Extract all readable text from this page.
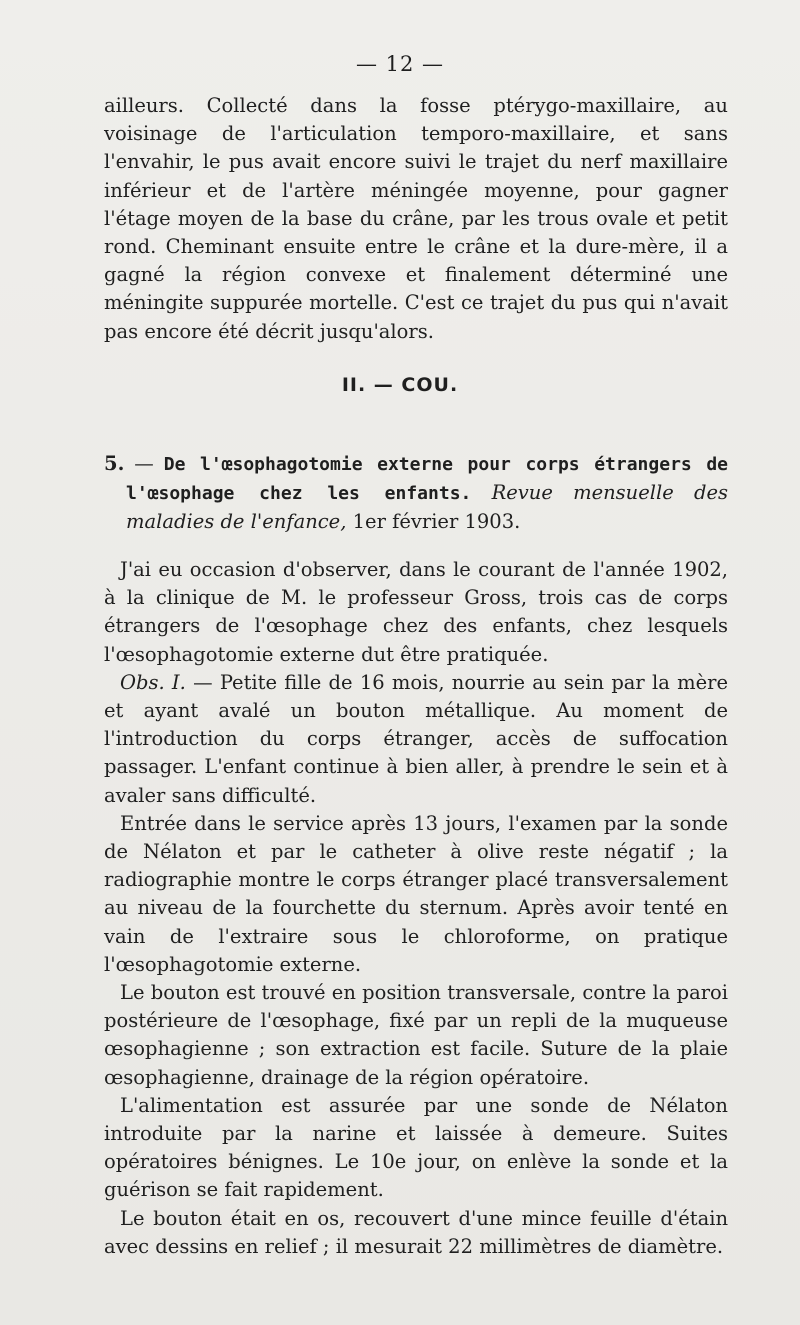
— 12 —

ailleurs. Collecté dans la fosse ptérygo-maxillaire, au voisinage de l'articulation temporo-maxillaire, et sans l'envahir, le pus avait encore suivi le trajet du nerf maxillaire inférieur et de l'artère méningée moyenne, pour gagner l'étage moyen de la base du crâne, par les trous ovale et petit rond. Cheminant ensuite entre le crâne et la dure-mère, il a gagné la région convexe et finalement déterminé une méningite suppurée mortelle. C'est ce trajet du pus qui n'avait pas encore été décrit jusqu'alors.

II. — COU.

5. — De l'œsophagotomie externe pour corps étrangers de l'œsophage chez les enfants. Revue mensuelle des maladies de l'enfance, 1er février 1903.

J'ai eu occasion d'observer, dans le courant de l'année 1902, à la clinique de M. le professeur Gross, trois cas de corps étrangers de l'œsophage chez des enfants, chez lesquels l'œsophagotomie externe dut être pratiquée.

Obs. I. — Petite fille de 16 mois, nourrie au sein par la mère et ayant avalé un bouton métallique. Au moment de l'introduction du corps étranger, accès de suffocation passager. L'enfant continue à bien aller, à prendre le sein et à avaler sans difficulté.

Entrée dans le service après 13 jours, l'examen par la sonde de Nélaton et par le catheter à olive reste négatif ; la radiographie montre le corps étranger placé transversalement au niveau de la fourchette du sternum. Après avoir tenté en vain de l'extraire sous le chloroforme, on pratique l'œsophagotomie externe.

Le bouton est trouvé en position transversale, contre la paroi postérieure de l'œsophage, fixé par un repli de la muqueuse œsophagienne ; son extraction est facile. Suture de la plaie œsophagienne, drainage de la région opératoire.

L'alimentation est assurée par une sonde de Nélaton introduite par la narine et laissée à demeure. Suites opératoires bénignes. Le 10e jour, on enlève la sonde et la guérison se fait rapidement.

Le bouton était en os, recouvert d'une mince feuille d'étain avec dessins en relief ; il mesurait 22 millimètres de diamètre.
